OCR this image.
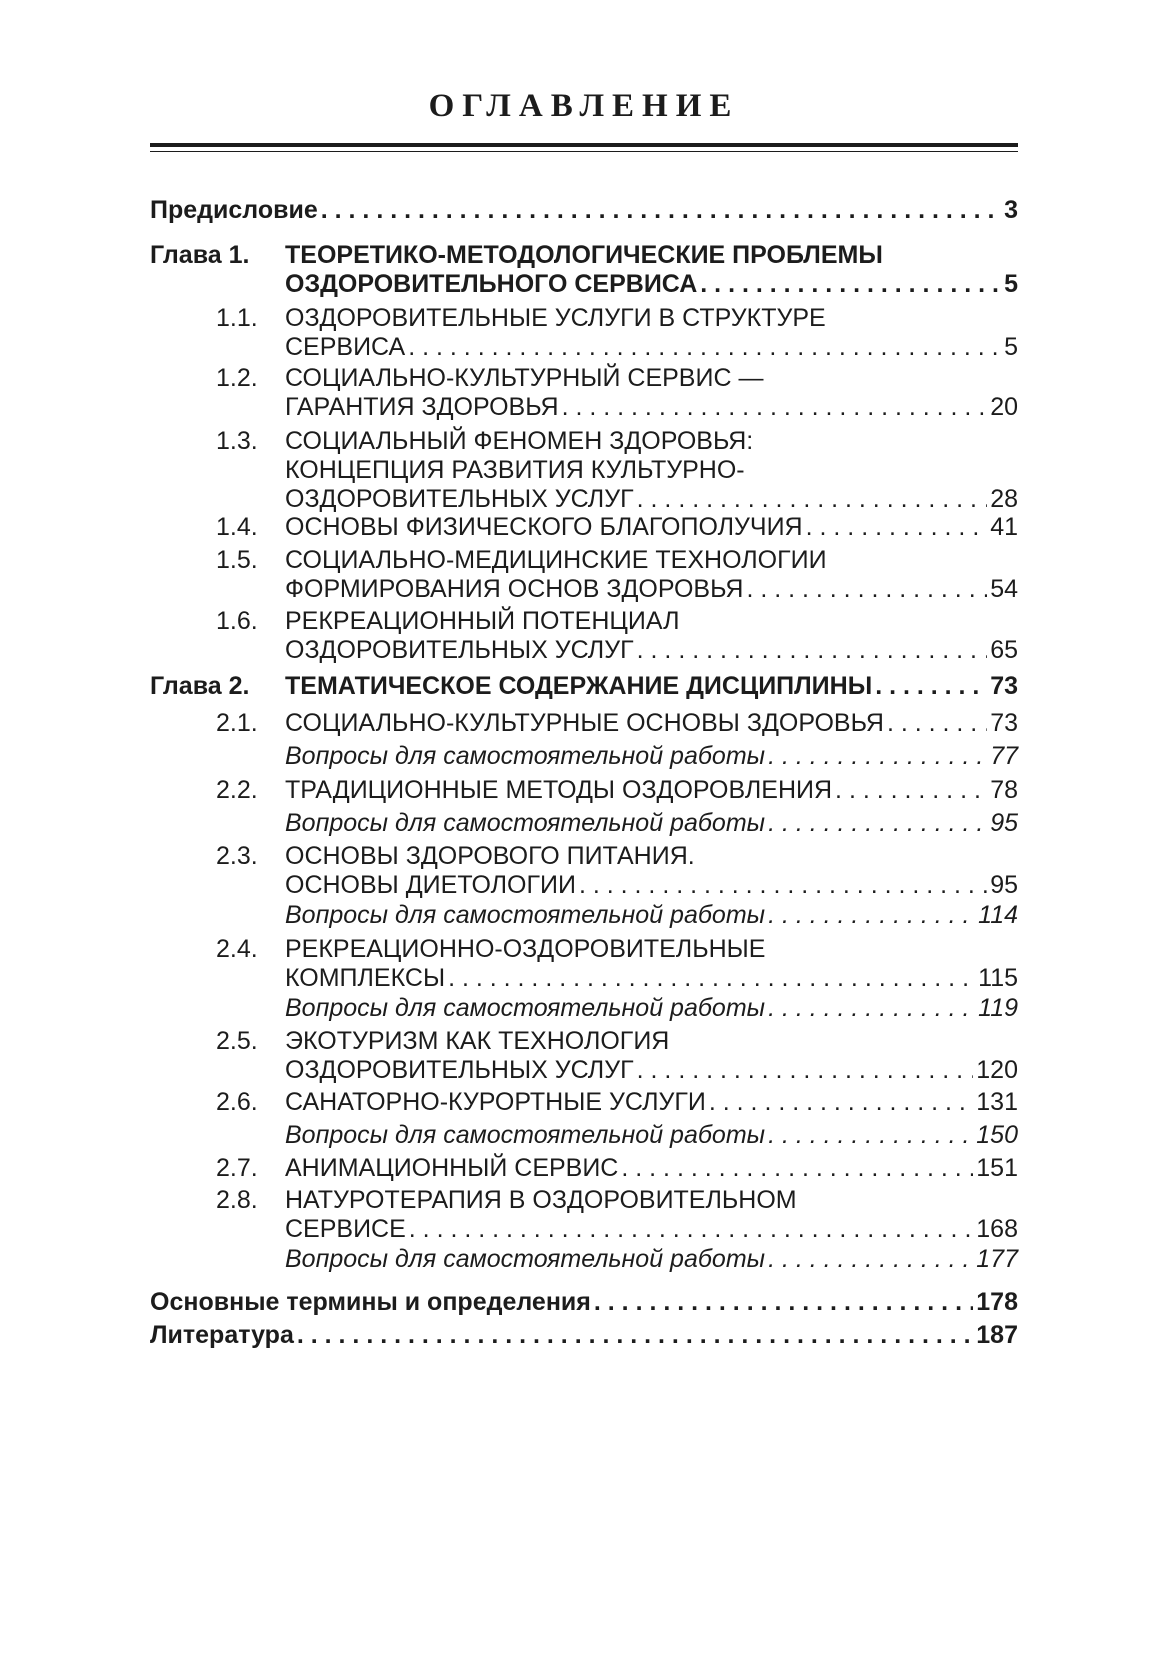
ОГЛАВЛЕНИЕ
Предисловие . . .	3
Глава 1. ТЕОРЕТИКО-МЕТОДОЛОГИЧЕСКИЕ ПРОБЛЕМЫ
ОЗДОРОВИТЕЛЬНОГО СЕРВИСА . . .	5
1.1. ОЗДОРОВИТЕЛЬНЫЕ УСЛУГИ В СТРУКТУРЕ
СЕРВИСА . . .	5
1.2. СОЦИАЛЬНО-КУЛЬТУРНЫЙ СЕРВИС —
ГАРАНТИЯ ЗДОРОВЬЯ . . .	20
1.3. СОЦИАЛЬНЫЙ ФЕНОМЕН ЗДОРОВЬЯ:
КОНЦЕПЦИЯ РАЗВИТИЯ КУЛЬТУРНО-
ОЗДОРОВИТЕЛЬНЫХ УСЛУГ . . .	28
1.4. ОСНОВЫ ФИЗИЧЕСКОГО БЛАГОПОЛУЧИЯ . . .	41
1.5. СОЦИАЛЬНО-МЕДИЦИНСКИЕ ТЕХНОЛОГИИ
ФОРМИРОВАНИЯ ОСНОВ ЗДОРОВЬЯ . . .	54
1.6. РЕКРЕАЦИОННЫЙ ПОТЕНЦИАЛ
ОЗДОРОВИТЕЛЬНЫХ УСЛУГ . . .	65
Глава 2. ТЕМАТИЧЕСКОЕ СОДЕРЖАНИЕ ДИСЦИПЛИНЫ . . .	73
2.1. СОЦИАЛЬНО-КУЛЬТУРНЫЕ ОСНОВЫ ЗДОРОВЬЯ . . .	73
Вопросы для самостоятельной работы . . .	77
2.2. ТРАДИЦИОННЫЕ МЕТОДЫ ОЗДОРОВЛЕНИЯ . . .	78
Вопросы для самостоятельной работы . . .	95
2.3. ОСНОВЫ ЗДОРОВОГО ПИТАНИЯ.
ОСНОВЫ ДИЕТОЛОГИИ . . .	95
Вопросы для самостоятельной работы . . .	114
2.4. РЕКРЕАЦИОННО-ОЗДОРОВИТЕЛЬНЫЕ
КОМПЛЕКСЫ . . .	115
Вопросы для самостоятельной работы . . .	119
2.5. ЭКОТУРИЗМ КАК ТЕХНОЛОГИЯ
ОЗДОРОВИТЕЛЬНЫХ УСЛУГ . . .	120
2.6. САНАТОРНО-КУРОРТНЫЕ УСЛУГИ . . .	131
Вопросы для самостоятельной работы . . .	150
2.7. АНИМАЦИОННЫЙ СЕРВИС . . .	151
2.8. НАТУРОТЕРАПИЯ В ОЗДОРОВИТЕЛЬНОМ
СЕРВИСЕ . . .	168
Вопросы для самостоятельной работы . . .	177
Основные термины и определения . . .	178
Литература . . .	187
